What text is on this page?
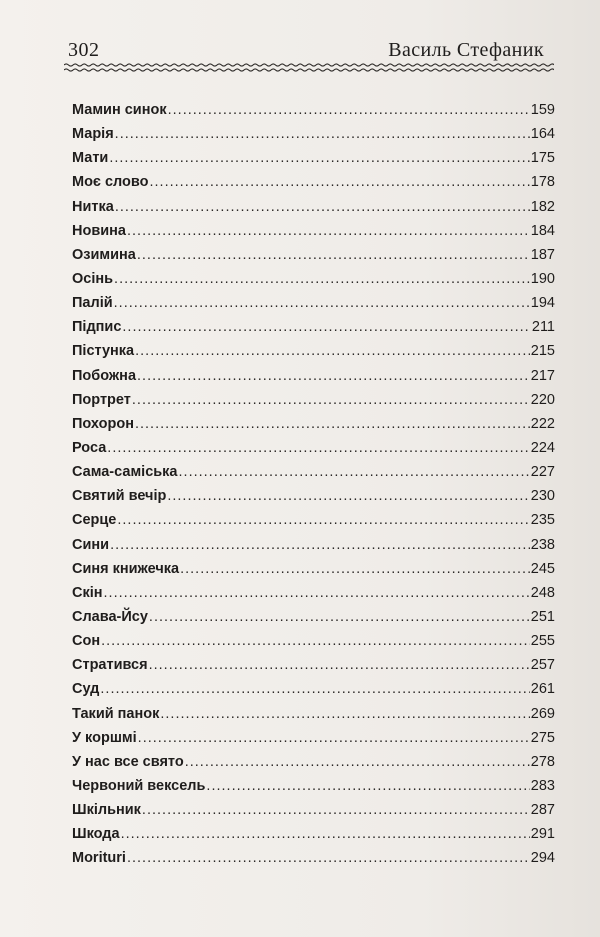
302	Василь Стефаник
Мамин синок .....	159
Марія .....	164
Мати .....	175
Моє слово .....	178
Нитка .....	182
Новина .....	184
Озимина .....	187
Осінь .....	190
Палій .....	194
Підпис .....	211
Пістунка .....	215
Побожна .....	217
Портрет .....	220
Похорон .....	222
Роса .....	224
Сама-саміська .....	227
Святий вечір .....	230
Серце .....	235
Сини .....	238
Синя книжечка .....	245
Скін .....	248
Слава-Йсу .....	251
Сон .....	255
Стратився .....	257
Суд .....	261
Такий панок .....	269
У коршмі .....	275
У нас все свято .....	278
Червоний вексель .....	283
Шкільник .....	287
Шкода .....	291
Moriturі .....	294
